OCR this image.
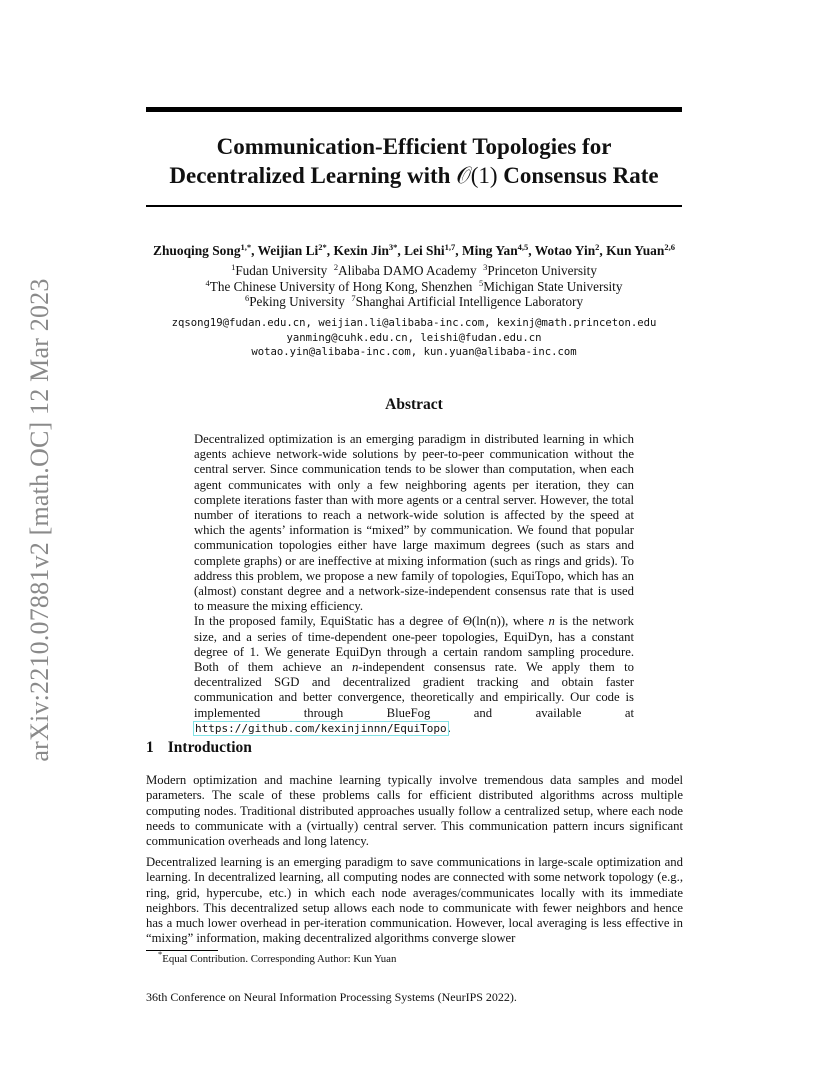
arXiv:2210.07881v2 [math.OC] 12 Mar 2023
Communication-Efficient Topologies for
Decentralized Learning with 𝒪(1) Consensus Rate
Zhuoqing Song$^{1,*}$, Weijian $Li^{2*}$, Kexin Jin$^{3*}$, Lei Shi$^{1,7}$, Ming Yan$^{4,5}$, Wotao Yin$^2$, Kun Yuan$^{2,6}$
$^1$Fudan University $^2$Alibaba DAMO Academy $^3$Princeton University
$^4$The Chinese University of Hong Kong, Shenzhen $^5$Michigan State University
$^6$Peking University $^7$Shanghai Artificial Intelligence Laboratory
zqsong19@fudan.edu.cn, weijian.li@alibaba-inc.com, kexinj@math.princeton.edu
yanming@cuhk.edu.cn, leishi@fudan.edu.cn
wotao.yin@alibaba-inc.com, kun.yuan@alibaba-inc.com
Abstract

Decentralized optimization is an emerging paradigm in distributed learning in which agents achieve network-wide solutions by peer-to-peer communication without the central server. Since communication tends to be slower than computation, when each agent communicates with only a few neighboring agents per iteration, they can complete iterations faster than with more agents or a central server. However, the total number of iterations to reach a network-wide solution is affected by the speed at which the agents’ information is “mixed” by communication. We found that popular communication topologies either have large maximum degrees (such as stars and complete graphs) or are ineffective at mixing information (such as rings and grids). To address this problem, we propose a new family of topologies, EquiTopo, which has an (almost) constant degree and a network-size-independent consensus rate that is used to measure the mixing efficiency.

In the proposed family, EquiStatic has a degree of Θ(ln(n)), where n is the network size, and a series of time-dependent one-peer topologies, EquiDyn, has a constant degree of 1. We generate EquiDyn through a certain random sampling procedure. Both of them achieve an n-independent consensus rate. We apply them to decentralized SGD and decentralized gradient tracking and obtain faster communication and better convergence, theoretically and empirically. Our code is implemented through BlueFog and available at https://github.com/kexinjinnn/EquiTopo.

1 Introduction
Modern optimization and machine learning typically involve tremendous data samples and model parameters. The scale of these problems calls for efficient distributed algorithms across multiple computing nodes. Traditional distributed approaches usually follow a centralized setup, where each node needs to communicate with a (virtually) central server. This communication pattern incurs significant communication overheads and long latency.
Decentralized learning is an emerging paradigm to save communications in large-scale optimization and learning. In decentralized learning, all computing nodes are connected with some network topology (e.g., ring, grid, hypercube, etc.) in which each node averages/communicates locally with its immediate neighbors. This decentralized setup allows each node to communicate with fewer neighbors and hence has a much lower overhead in per-iteration communication. However, local averaging is less effective in “mixing” information, making decentralized algorithms converge slower
*Equal Contribution. Corresponding Author: Kun Yuan
36th Conference on Neural Information Processing Systems (NeurIPS 2022).
